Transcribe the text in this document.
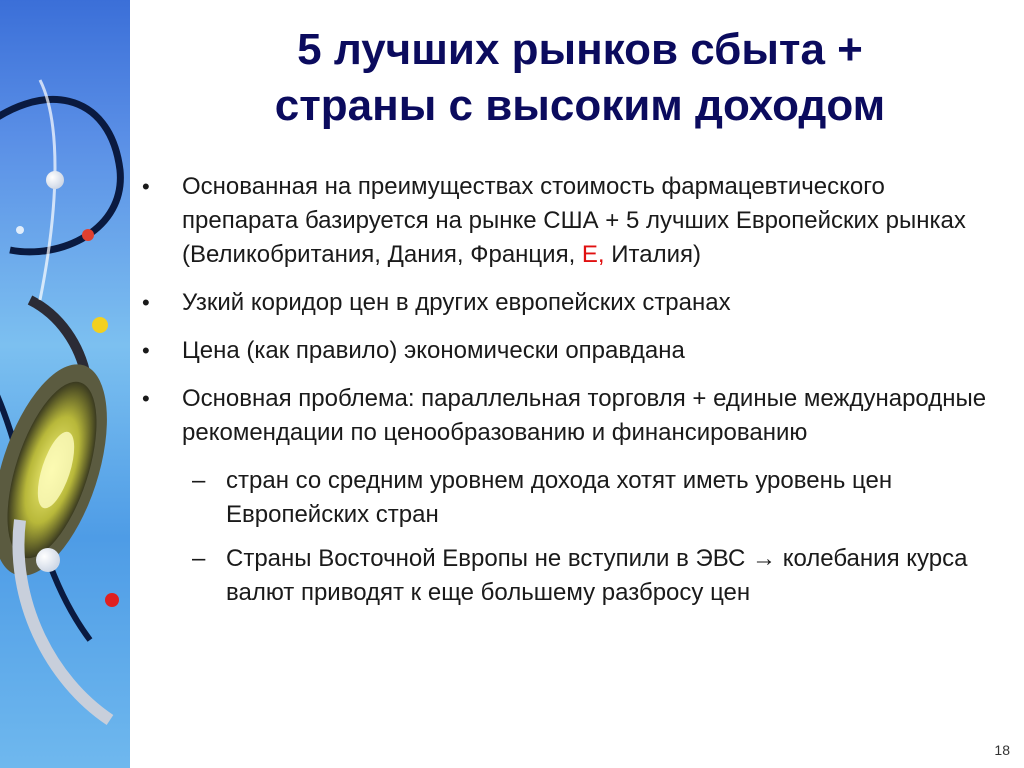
5 лучших рынков сбыта +
страны с высоким доходом
•	Основанная на преимуществах стоимость фармацевтического препарата базируется на рынке США + 5 лучших Европейских рынках (Великобритания, Дания, Франция, Е, Италия)
•	Узкий коридор цен в других европейских странах
•	Цена (как правило) экономически оправдана
•	Основная проблема: параллельная торговля + единые международные рекомендации по ценообразованию и финансированию
– стран со средним уровнем дохода хотят иметь уровень цен Европейских стран
– Страны Восточной Европы не вступили в ЭВС → колебания курса валют приводят к еще большему разбросу цен
18
